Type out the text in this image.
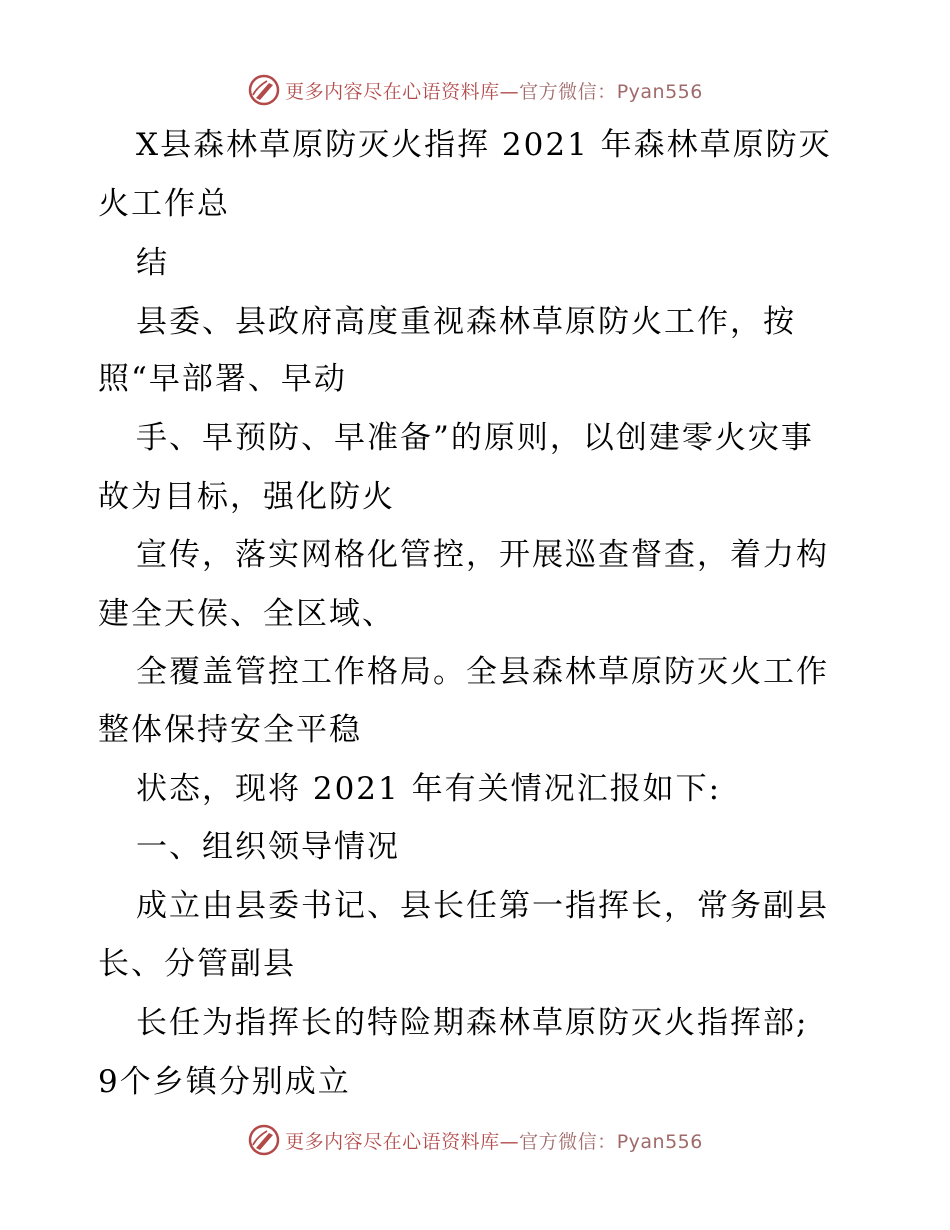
更多内容尽在心语资料库—官方微信：Pyan556
X县森林草原防灭火指挥 2021 年森林草原防灭
火工作总
结
县委、县政府高度重视森林草原防火工作，按
照“早部署、早动
手、早预防、早准备”的原则，以创建零火灾事
故为目标，强化防火
宣传，落实网格化管控，开展巡查督查，着力构
建全天侯、全区域、
全覆盖管控工作格局。全县森林草原防灭火工作
整体保持安全平稳
状态，现将 2021 年有关情况汇报如下:
一、组织领导情况
成立由县委书记、县长任第一指挥长，常务副县
长、分管副县
长任为指挥长的特险期森林草原防灭火指挥部;
9个乡镇分别成立
更多内容尽在心语资料库—官方微信：Pyan556
